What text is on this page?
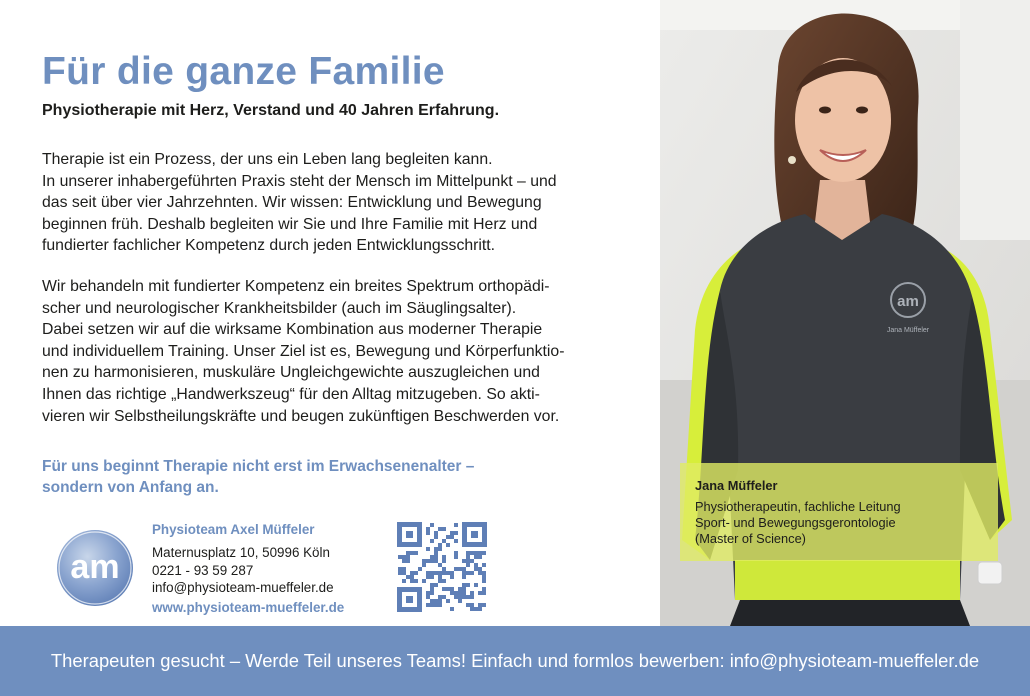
Für die ganze Familie

Physiotherapie mit Herz, Verstand und 40 Jahren Erfahrung.

Therapie ist ein Prozess, der uns ein Leben lang begleiten kann.
In unserer inhabergeführten Praxis steht der Mensch im Mittelpunkt – und
das seit über vier Jahrzehnten. Wir wissen: Entwicklung und Bewegung
beginnen früh. Deshalb begleiten wir Sie und Ihre Familie mit Herz und
fundierter fachlicher Kompetenz durch jeden Entwicklungsschritt.

Wir behandeln mit fundierter Kompetenz ein breites Spektrum orthopädi-
scher und neurologischer Krankheitsbilder (auch im Säuglingsalter).
Dabei setzen wir auf die wirksame Kombination aus moderner Therapie
und individuellem Training. Unser Ziel ist es, Bewegung und Körperfunktio-
nen zu harmonisieren, muskuläre Ungleichgewichte auszugleichen und
Ihnen das richtige „Handwerkszeug“ für den Alltag mitzugeben. So akti-
vieren wir Selbstheilungskräfte und beugen zukünftigen Beschwerden vor.

Für uns beginnt Therapie nicht erst im Erwachsenenalter –
sondern von Anfang an.

am
Physioteam Axel Müffeler
Maternusplatz 10, 50996 Köln
0221 - 93 59 287
info@physioteam-mueffeler.de
www.physioteam-mueffeler.de
am
Jana Müffeler
Jana Müffeler
Physiotherapeutin, fachliche Leitung
Sport- und Bewegungsgerontologie
(Master of Science)
Therapeuten gesucht – Werde Teil unseres Teams! Einfach und formlos bewerben: info@physioteam-mueffeler.de
